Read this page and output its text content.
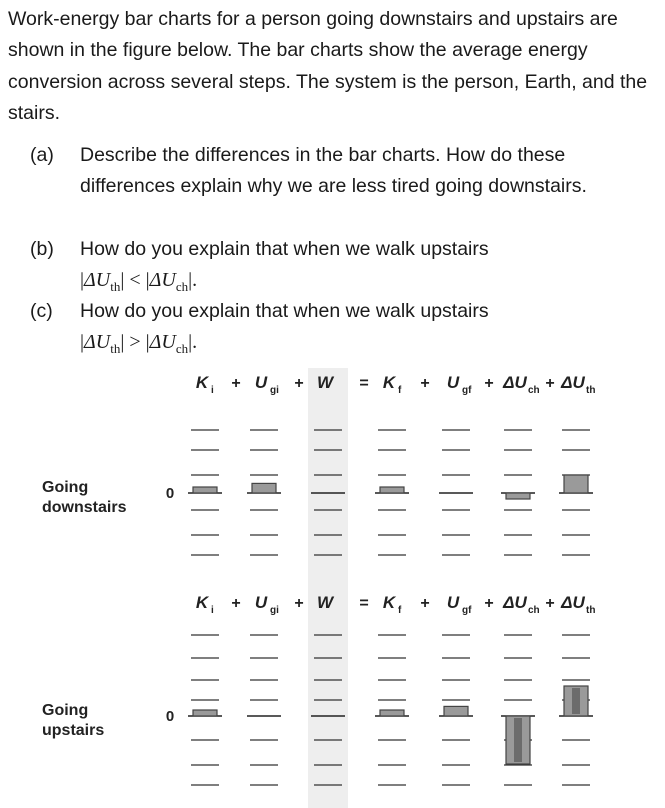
Work-energy bar charts for a person going downstairs and upstairs are shown in the figure below. The bar charts show the average energy conversion across several steps. The system is the person, Earth, and the stairs.

(a) Describe the differences in the bar charts. How do these differences explain why we are less tired going downstairs.
(b) How do you explain that when we walk upstairs
$|\Delta U_{th}| < |\Delta U_{ch}|$.
(c) How do you explain that when we walk upstairs
$|\Delta U_{th}| > |\Delta U_{ch}|$.
K i + U gi + W = K f + U gf + ΔU ch + ΔU th
0
Going
downstairs
K i + U gi + W = K f + U gf + ΔU ch + ΔU th
0
Going
upstairs
